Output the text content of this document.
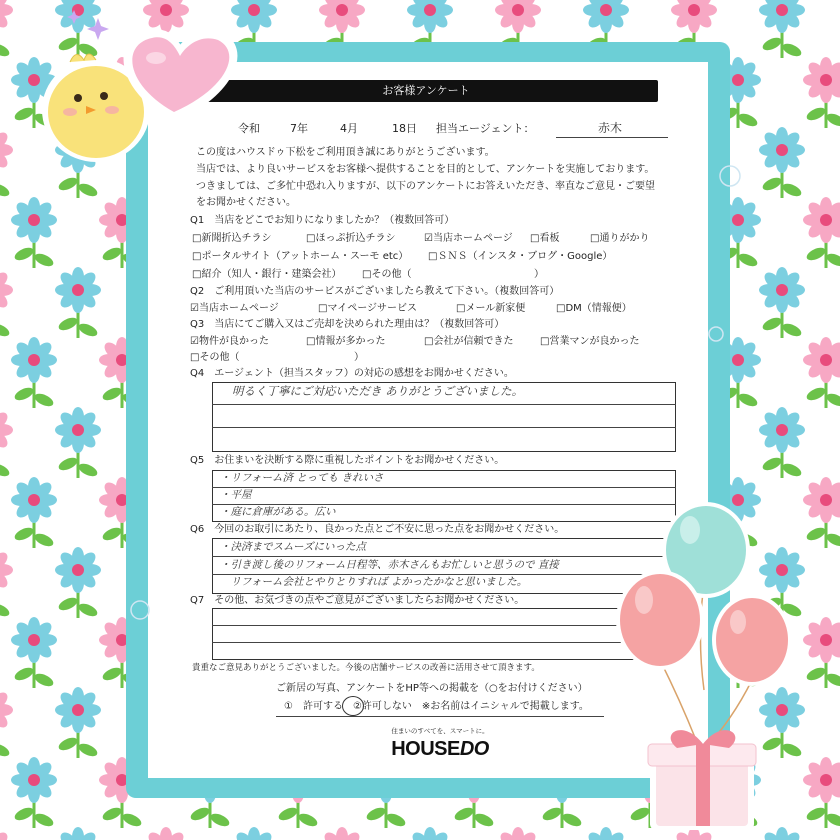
お客様アンケート
令和	7年	4月	18日 担当エージェント：	赤木
この度はハウスドゥ下松をご利用頂き誠にありがとうございます。
当店では、より良いサービスをお客様へ提供することを目的として、アンケートを実施しております。
つきましては、ご多忙中恐れ入りますが、以下のアンケートにお答えいただき、率直なご意見・ご要望
をお聞かせください。
Q1　当店をどこでお知りになりましたか？（複数回答可）
□新聞折込チラシ	□ほっぷ折込チラシ	☑当店ホームページ □看板	□通りがかり
□ポータルサイト（アットホーム・スーモ etc） □ＳＮＳ（インスタ・ブログ・Google）
□紹介（知人・銀行・建築会社） □その他（	）
Q2　ご利用頂いた当店のサービスがございましたら教えて下さい。（複数回答可）
☑当店ホームページ	□マイページサービス	□メール新家便	□DM（情報便）
Q3　当店にてご購入又はご売却を決められた理由は？（複数回答可）
☑物件が良かった	□情報が多かった	□会社が信頼できた	□営業マンが良かった
□その他（	）
Q4　エージェント（担当スタッフ）の対応の感想をお聞かせください。
明るく丁寧にご対応いただき ありがとうございました。
Q5　お住まいを決断する際に重視したポイントをお聞かせください。
・リフォーム済 とっても きれいさ
・平屋
・庭に倉庫がある。広い
Q6　今回のお取引にあたり、良かった点とご不安に思った点をお聞かせください。
・決済までスムーズにいった点
・引き渡し後のリフォーム日程等、赤木さんもお忙しいと思うので 直接
　リフォーム会社とやりとりすれば よかったかなと思いました。
Q7　その他、お気づきの点やご意見がございましたらお聞かせください。
貴重なご意見ありがとうございました。今後の店舗サービスの改善に活用させて頂きます。
ご新居の写真、アンケートをHP等への掲載を（○をお付けください）
①　許可する　②許可しない　※お名前はイニシャルで掲載します。
住まいのすべてを、スマートに。
HOUSEDO
